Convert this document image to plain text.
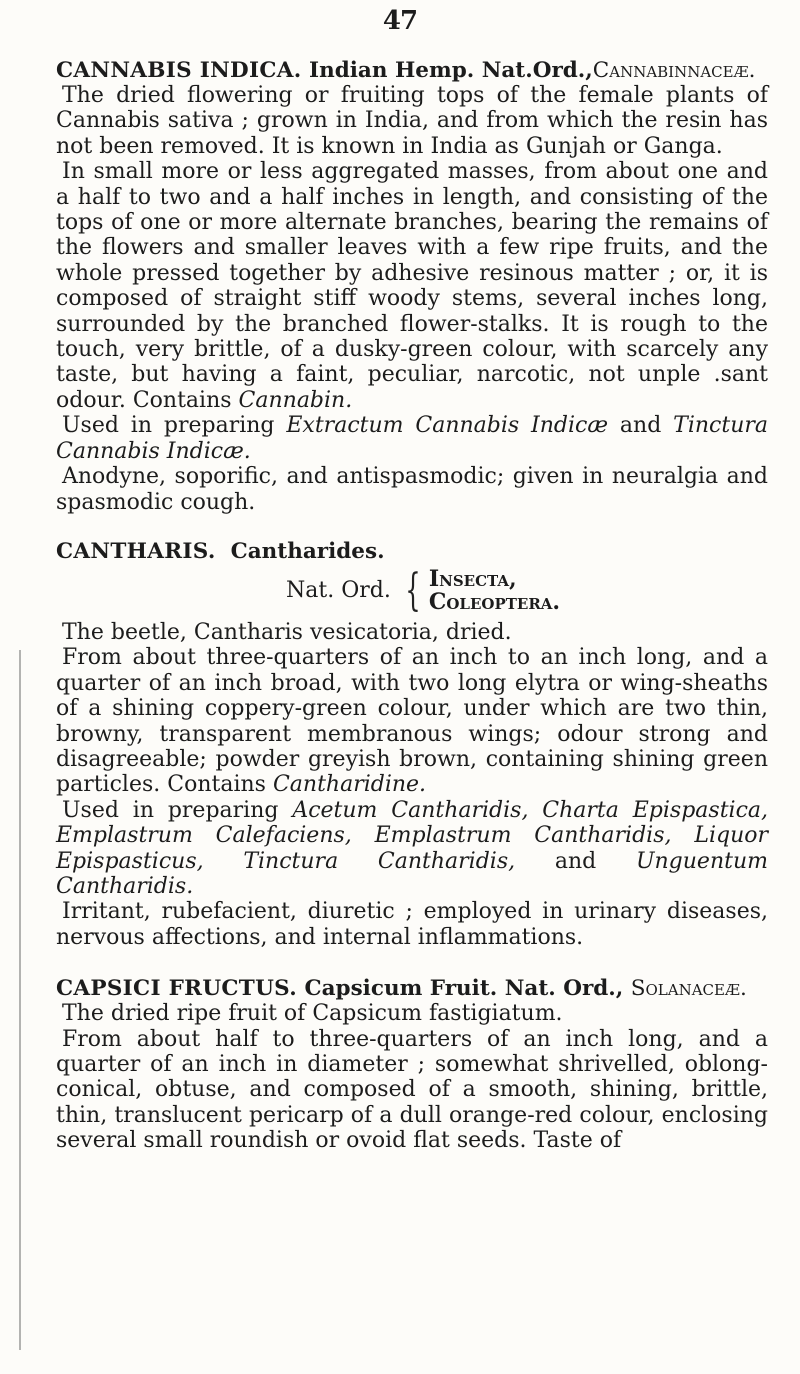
47

CANNABIS INDICA. Indian Hemp. Nat.Ord.,Cannabinnaceæ.

The dried flowering or fruiting tops of the female plants of Cannabis sativa ; grown in India, and from which the resin has not been removed. It is known in India as Gunjah or Ganga.

In small more or less aggregated masses, from about one and a half to two and a half inches in length, and consisting of the tops of one or more alternate branches, bearing the remains of the flowers and smaller leaves with a few ripe fruits, and the whole pressed together by adhesive resinous matter ; or, it is composed of straight stiff woody stems, several inches long, surrounded by the branched flower-stalks. It is rough to the touch, very brittle, of a dusky-green colour, with scarcely any taste, but having a faint, peculiar, narcotic, not unple .sant odour. Contains Cannabin.

Used in preparing Extractum Cannabis Indicæ and Tinctura Cannabis Indicæ.

Anodyne, soporific, and antispasmodic; given in neuralgia and spasmodic cough.

CANTHARIS. Cantharides.

Nat. Ord. { Insecta,
Coleoptera.

The beetle, Cantharis vesicatoria, dried.

From about three-quarters of an inch to an inch long, and a quarter of an inch broad, with two long elytra or wing-sheaths of a shining coppery-green colour, under which are two thin, browny, transparent membranous wings; odour strong and disagreeable; powder greyish brown, containing shining green particles. Contains Cantharidine.

Used in preparing Acetum Cantharidis, Charta Epispastica, Emplastrum Calefaciens, Emplastrum Cantharidis, Liquor Epispasticus, Tinctura Cantharidis, and Unguentum Cantharidis.

Irritant, rubefacient, diuretic ; employed in urinary diseases, nervous affections, and internal inflammations.

CAPSICI FRUCTUS. Capsicum Fruit. Nat. Ord., Solanaceæ.

The dried ripe fruit of Capsicum fastigiatum.

From about half to three-quarters of an inch long, and a quarter of an inch in diameter ; somewhat shrivelled, oblong-conical, obtuse, and composed of a smooth, shining, brittle, thin, translucent pericarp of a dull orange-red colour, enclosing several small roundish or ovoid flat seeds. Taste of
